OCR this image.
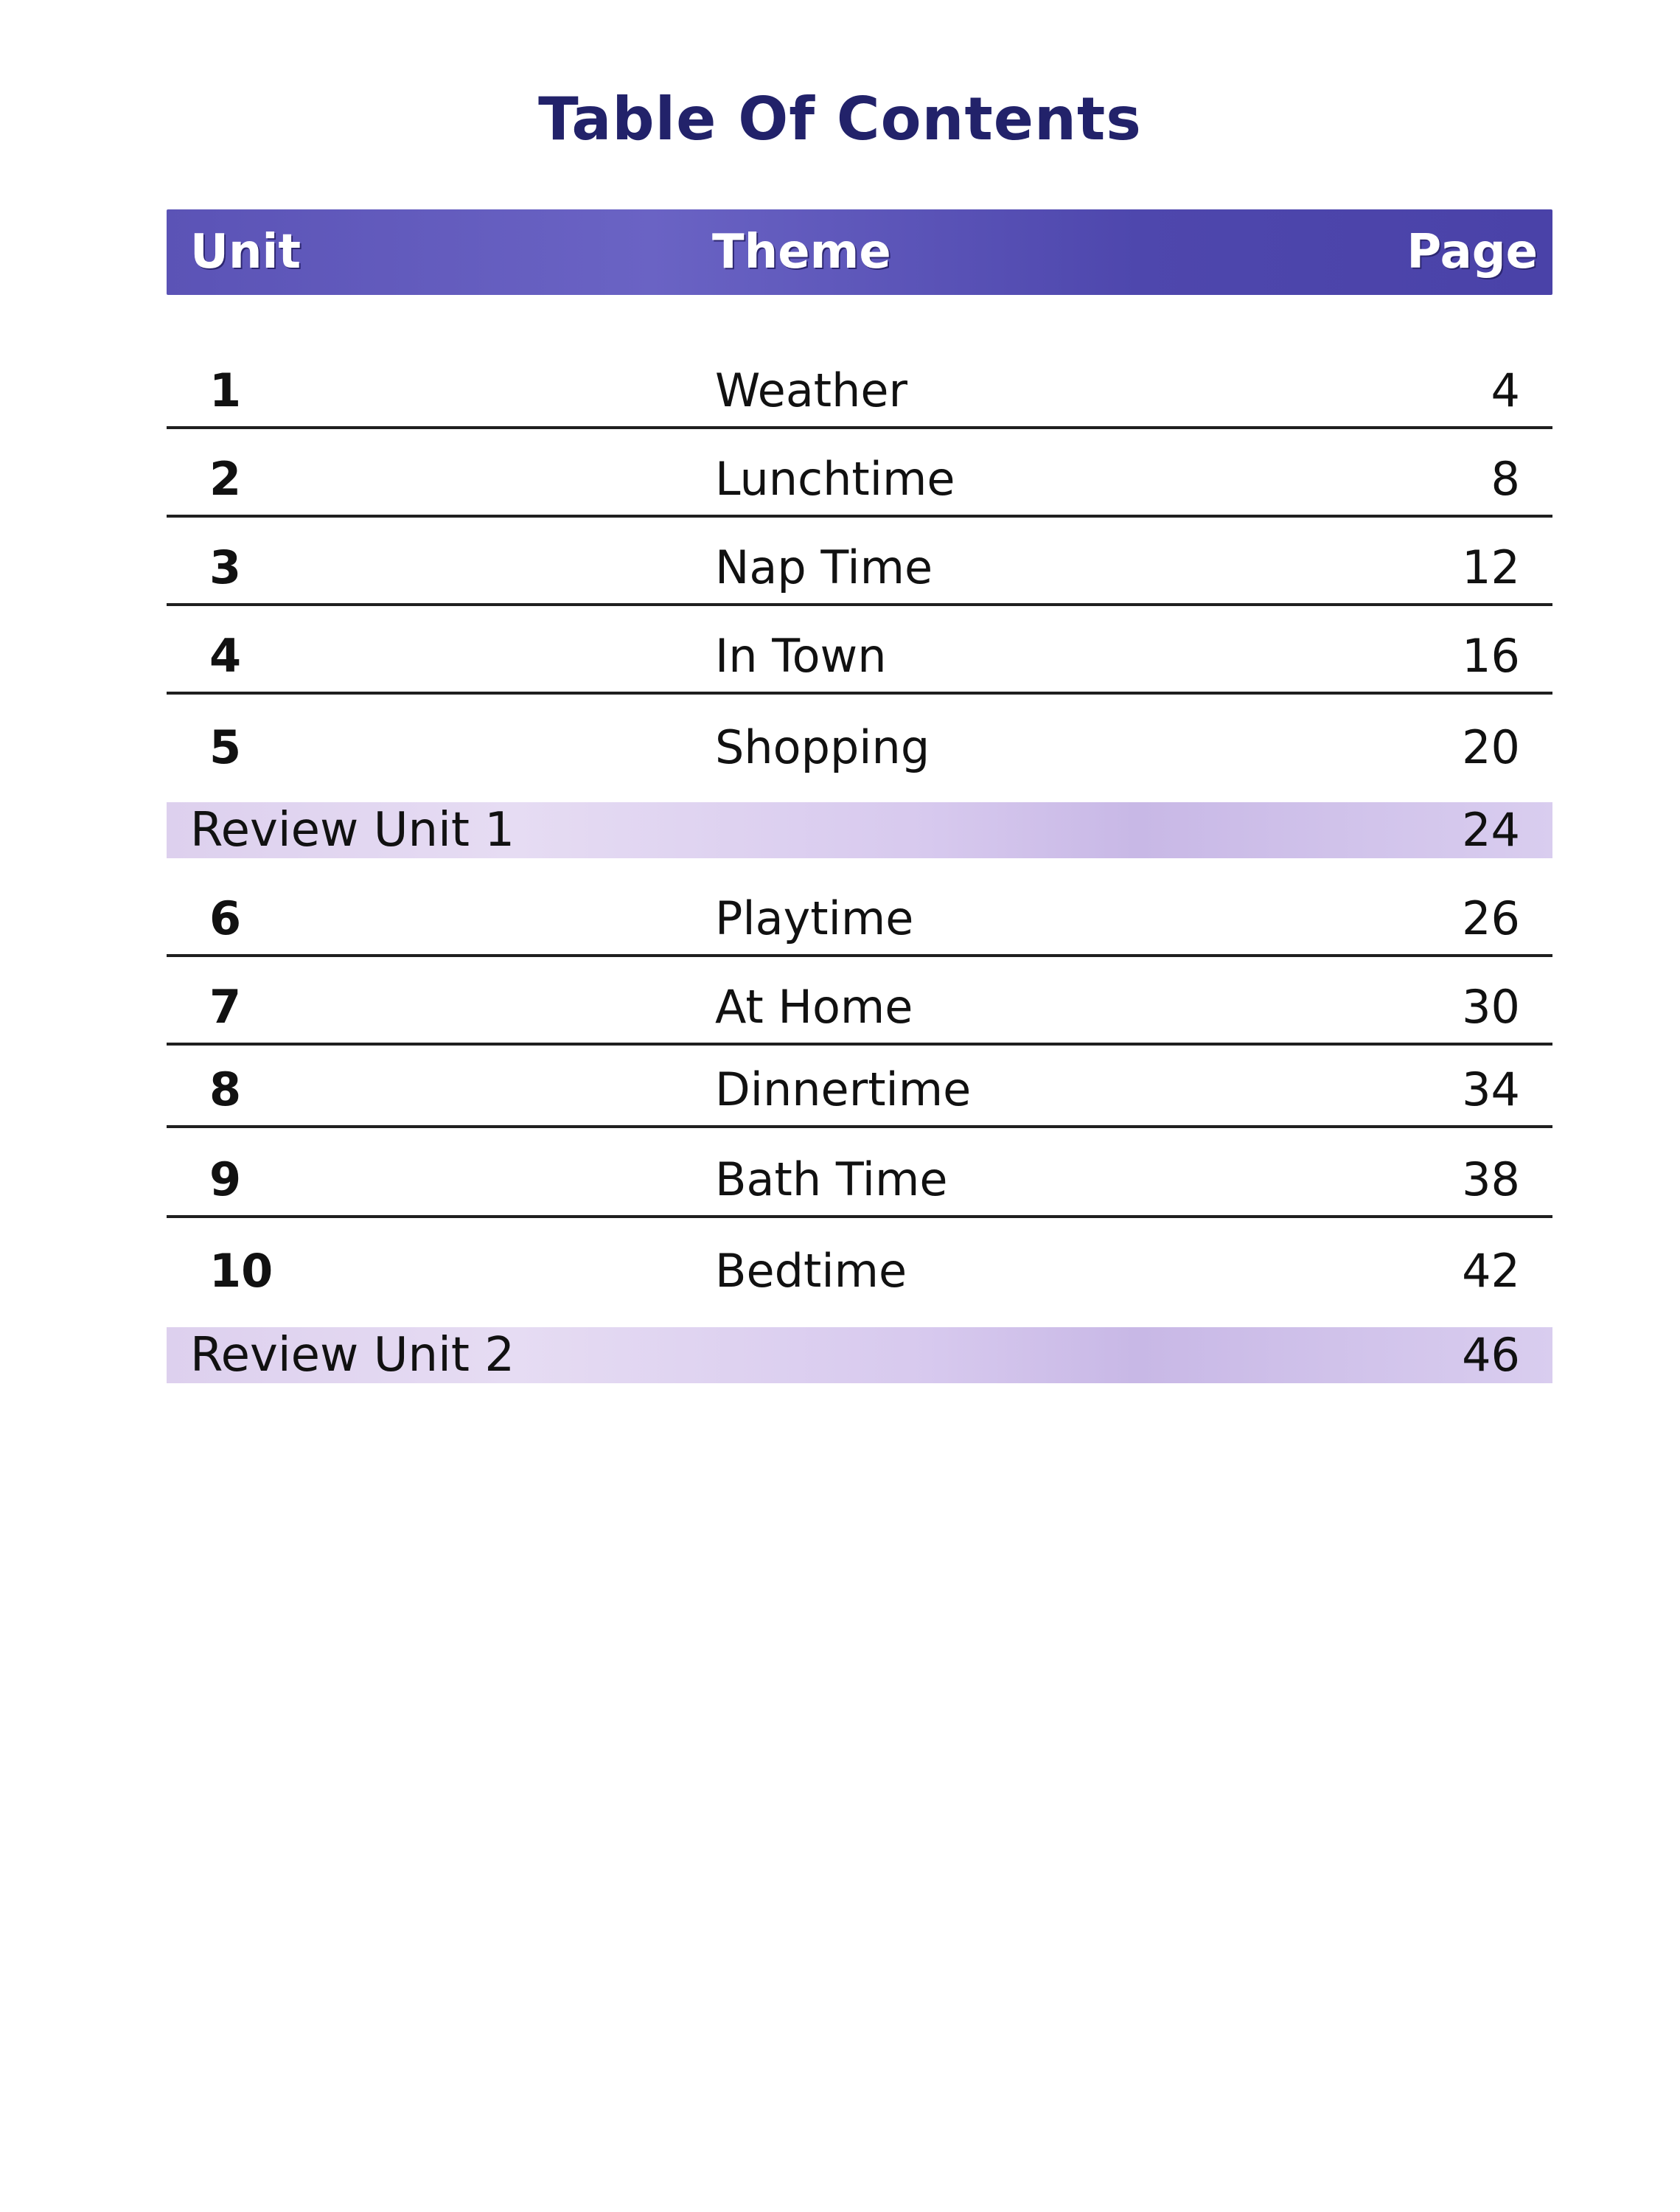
Table Of Contents
Unit	Theme	Page
1	Weather	4
2	Lunchtime	8
3	Nap Time	12
4	In Town	16
5	Shopping	20
Review Unit 1	24
6	Playtime	26
7	At Home	30
8	Dinnertime	34
9	Bath Time	38
10	Bedtime	42
Review Unit 2	46
